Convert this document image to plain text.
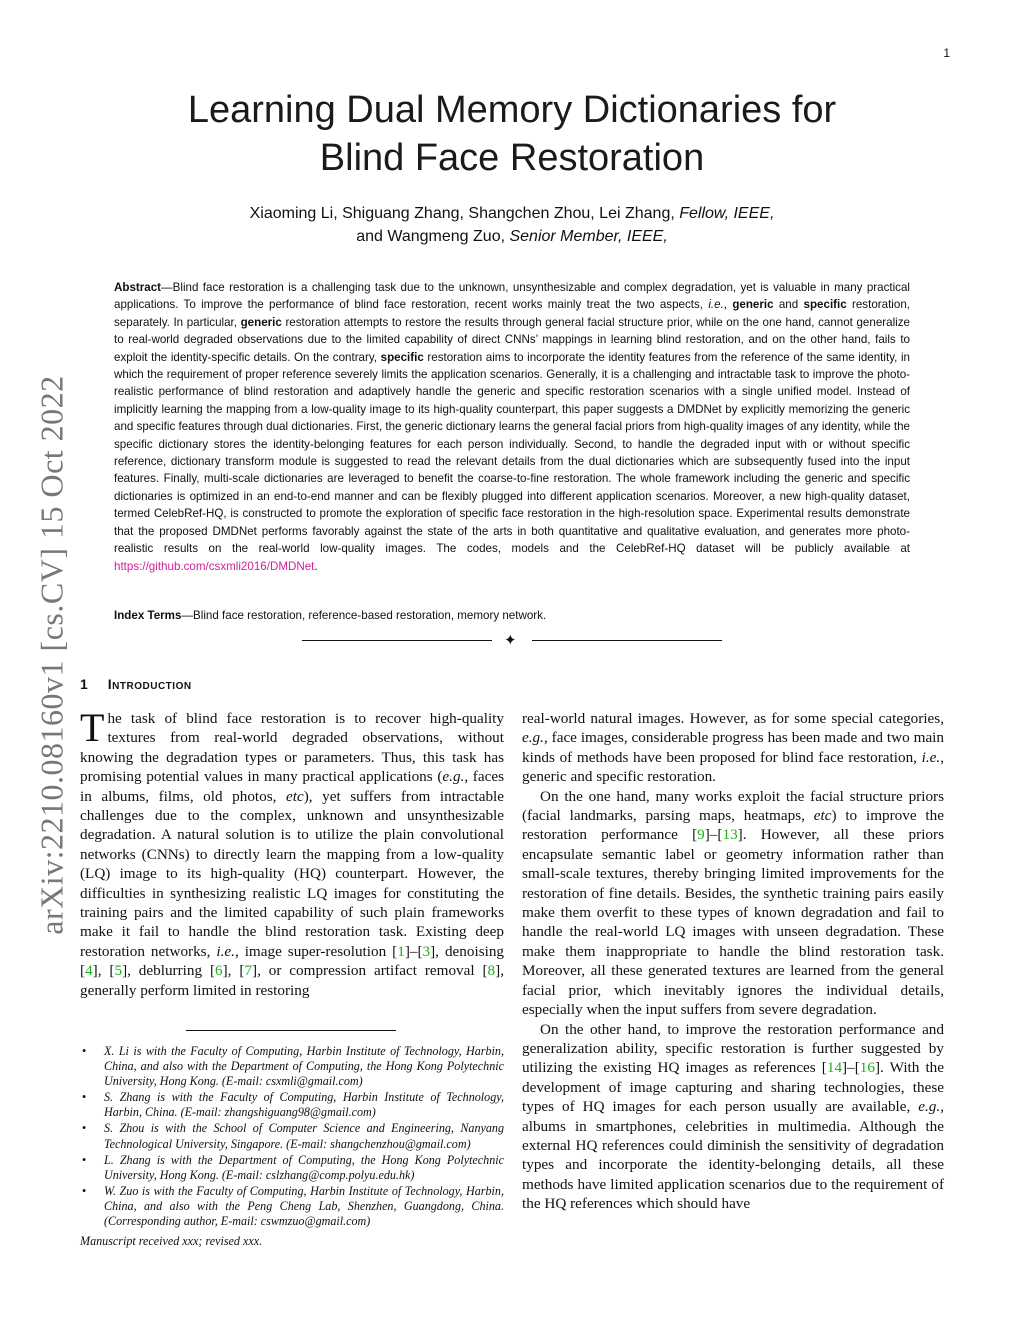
1
arXiv:2210.08160v1 [cs.CV] 15 Oct 2022
Learning Dual Memory Dictionaries for
Blind Face Restoration
Xiaoming Li, Shiguang Zhang, Shangchen Zhou, Lei Zhang, Fellow, IEEE,
and Wangmeng Zuo, Senior Member, IEEE,
Abstract—Blind face restoration is a challenging task due to the unknown, unsynthesizable and complex degradation, yet is valuable in many practical applications. To improve the performance of blind face restoration, recent works mainly treat the two aspects, i.e., generic and specific restoration, separately. In particular, generic restoration attempts to restore the results through general facial structure prior, while on the one hand, cannot generalize to real-world degraded observations due to the limited capability of direct CNNs’ mappings in learning blind restoration, and on the other hand, fails to exploit the identity-specific details. On the contrary, specific restoration aims to incorporate the identity features from the reference of the same identity, in which the requirement of proper reference severely limits the application scenarios. Generally, it is a challenging and intractable task to improve the photo-realistic performance of blind restoration and adaptively handle the generic and specific restoration scenarios with a single unified model. Instead of implicitly learning the mapping from a low-quality image to its high-quality counterpart, this paper suggests a DMDNet by explicitly memorizing the generic and specific features through dual dictionaries. First, the generic dictionary learns the general facial priors from high-quality images of any identity, while the specific dictionary stores the identity-belonging features for each person individually. Second, to handle the degraded input with or without specific reference, dictionary transform module is suggested to read the relevant details from the dual dictionaries which are subsequently fused into the input features. Finally, multi-scale dictionaries are leveraged to benefit the coarse-to-fine restoration. The whole framework including the generic and specific dictionaries is optimized in an end-to-end manner and can be flexibly plugged into different application scenarios. Moreover, a new high-quality dataset, termed CelebRef-HQ, is constructed to promote the exploration of specific face restoration in the high-resolution space. Experimental results demonstrate that the proposed DMDNet performs favorably against the state of the arts in both quantitative and qualitative evaluation, and generates more photo-realistic results on the real-world low-quality images. The codes, models and the CelebRef-HQ dataset will be publicly available at https://github.com/csxmli2016/DMDNet.
Index Terms—Blind face restoration, reference-based restoration, memory network.
✦
1 Introduction

The task of blind face restoration is to recover high-quality textures from real-world degraded observations, without knowing the degradation types or parameters. Thus, this task has promising potential values in many practical applications (e.g., faces in albums, films, old photos, etc), yet suffers from intractable challenges due to the complex, unknown and unsynthesizable degradation. A natural solution is to utilize the plain convolutional networks (CNNs) to directly learn the mapping from a low-quality (LQ) image to its high-quality (HQ) counterpart. However, the difficulties in synthesizing realistic LQ images for constituting the training pairs and the limited capability of such plain frameworks make it fail to handle the blind restoration task. Existing deep restoration networks, i.e., image super-resolution [1]–[3], denoising [4], [5], deblurring [6], [7], or compression artifact removal [8], generally perform limited in restoring

• X. Li is with the Faculty of Computing, Harbin Institute of Technology, Harbin, China, and also with the Department of Computing, the Hong Kong Polytechnic University, Hong Kong. (E-mail: csxmli@gmail.com)
• S. Zhang is with the Faculty of Computing, Harbin Institute of Technology, Harbin, China. (E-mail: zhangshiguang98@gmail.com)
• S. Zhou is with the School of Computer Science and Engineering, Nanyang Technological University, Singapore. (E-mail: shangchenzhou@gmail.com)
• L. Zhang is with the Department of Computing, the Hong Kong Polytechnic University, Hong Kong. (E-mail: cslzhang@comp.polyu.edu.hk)
• W. Zuo is with the Faculty of Computing, Harbin Institute of Technology, Harbin, China, and also with the Peng Cheng Lab, Shenzhen, Guangdong, China. (Corresponding author, E-mail: cswmzuo@gmail.com)
Manuscript received xxx; revised xxx.

real-world natural images. However, as for some special categories, e.g., face images, considerable progress has been made and two main kinds of methods have been proposed for blind face restoration, i.e., generic and specific restoration.

On the one hand, many works exploit the facial structure priors (facial landmarks, parsing maps, heatmaps, etc) to improve the restoration performance [9]–[13]. However, all these priors encapsulate semantic label or geometry information rather than small-scale textures, thereby bringing limited improvements for the restoration of fine details. Besides, the synthetic training pairs easily make them overfit to these types of known degradation and fail to handle the real-world LQ images with unseen degradation. These make them inappropriate to handle the blind restoration task. Moreover, all these generated textures are learned from the general facial prior, which inevitably ignores the individual details, especially when the input suffers from severe degradation.

On the other hand, to improve the restoration performance and generalization ability, specific restoration is further suggested by utilizing the existing HQ images as references [14]–[16]. With the development of image capturing and sharing technologies, these types of HQ images for each person usually are available, e.g., albums in smartphones, celebrities in multimedia. Although the external HQ references could diminish the sensitivity of degradation types and incorporate the identity-belonging details, all these methods have limited application scenarios due to the requirement of the HQ references which should have
